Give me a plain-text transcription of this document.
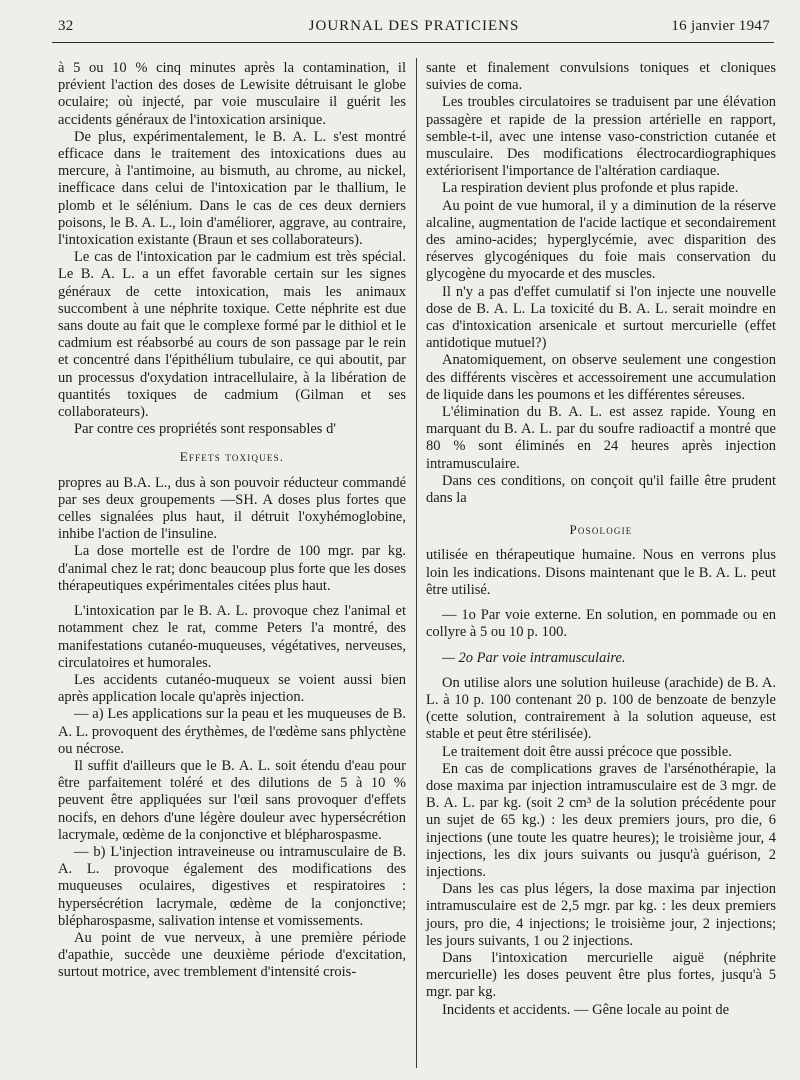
32	JOURNAL DES PRATICIENS	16 janvier 1947

à 5 ou 10 % cinq minutes après la contamination, il prévient l'action des doses de Lewisite détruisant le globe oculaire; où injecté, par voie musculaire il guérit les accidents généraux de l'intoxication arsinique.

De plus, expérimentalement, le B. A. L. s'est montré efficace dans le traitement des intoxications dues au mercure, à l'antimoine, au bismuth, au chrome, au nickel, inefficace dans celui de l'intoxication par le thallium, le plomb et le sélénium. Dans le cas de ces deux derniers poisons, le B. A. L., loin d'améliorer, aggrave, au contraire, l'intoxication existante (Braun et ses collaborateurs).

Le cas de l'intoxication par le cadmium est très spécial. Le B. A. L. a un effet favorable certain sur les signes généraux de cette intoxication, mais les animaux succombent à une néphrite toxique. Cette néphrite est due sans doute au fait que le complexe formé par le dithiol et le cadmium est réabsorbé au cours de son passage par le rein et concentré dans l'épithélium tubulaire, ce qui aboutit, par un processus d'oxydation intracellulaire, à la libération de quantités toxiques de cadmium (Gilman et ses collaborateurs).

Par contre ces propriétés sont responsables d'

Effets toxiques.

propres au B.A. L., dus à son pouvoir réducteur commandé par ses deux groupements —SH. A doses plus fortes que celles signalées plus haut, il détruit l'oxyhémoglobine, inhibe l'action de l'insuline.

La dose mortelle est de l'ordre de 100 mgr. par kg. d'animal chez le rat; donc beaucoup plus forte que les doses thérapeutiques expérimentales citées plus haut.

L'intoxication par le B. A. L. provoque chez l'animal et notamment chez le rat, comme Peters l'a montré, des manifestations cutanéo-muqueuses, végétatives, nerveuses, circulatoires et humorales.

Les accidents cutanéo-muqueux se voient aussi bien après application locale qu'après injection.

— a) Les applications sur la peau et les muqueuses de B. A. L. provoquent des érythèmes, de l'œdème sans phlyctène ou nécrose.

Il suffit d'ailleurs que le B. A. L. soit étendu d'eau pour être parfaitement toléré et des dilutions de 5 à 10 % peuvent être appliquées sur l'œil sans provoquer d'effets nocifs, en dehors d'une légère douleur avec hypersécrétion lacrymale, œdème de la conjonctive et blépharospasme.

— b) L'injection intraveineuse ou intramusculaire de B. A. L. provoque également des modifications des muqueuses oculaires, digestives et respiratoires : hypersécrétion lacrymale, œdème de la conjonctive; blépharospasme, salivation intense et vomissements.

Au point de vue nerveux, à une première période d'apathie, succède une deuxième période d'excitation, surtout motrice, avec tremblement d'intensité crois-

sante et finalement convulsions toniques et cloniques suivies de coma.

Les troubles circulatoires se traduisent par une élévation passagère et rapide de la pression artérielle en rapport, semble-t-il, avec une intense vaso-constriction cutanée et musculaire. Des modifications électrocardiographiques extériorisent l'importance de l'altération cardiaque.

La respiration devient plus profonde et plus rapide.

Au point de vue humoral, il y a diminution de la réserve alcaline, augmentation de l'acide lactique et secondairement des amino-acides; hyperglycémie, avec disparition des réserves glycogéniques du foie mais conservation du glycogène du myocarde et des muscles.

Il n'y a pas d'effet cumulatif si l'on injecte une nouvelle dose de B. A. L. La toxicité du B. A. L. serait moindre en cas d'intoxication arsenicale et surtout mercurielle (effet antidotique mutuel?)

Anatomiquement, on observe seulement une congestion des différents viscères et accessoirement une accumulation de liquide dans les poumons et les différentes séreuses.

L'élimination du B. A. L. est assez rapide. Young en marquant du B. A. L. par du soufre radioactif a montré que 80 % sont éliminés en 24 heures après injection intramusculaire.

Dans ces conditions, on conçoit qu'il faille être prudent dans la

Posologie

utilisée en thérapeutique humaine. Nous en verrons plus loin les indications. Disons maintenant que le B. A. L. peut être utilisé.

— 1o Par voie externe. En solution, en pommade ou en collyre à 5 ou 10 p. 100.

— 2o Par voie intramusculaire.

On utilise alors une solution huileuse (arachide) de B. A. L. à 10 p. 100 contenant 20 p. 100 de benzoate de benzyle (cette solution, contrairement à la solution aqueuse, est stable et peut être stérilisée).

Le traitement doit être aussi précoce que possible.

En cas de complications graves de l'arsénothérapie, la dose maxima par injection intramusculaire est de 3 mgr. de B. A. L. par kg. (soit 2 cm³ de la solution précédente pour un sujet de 65 kg.) : les deux premiers jours, pro die, 6 injections (une toute les quatre heures); le troisième jour, 4 injections, les dix jours suivants ou jusqu'à guérison, 2 injections.

Dans les cas plus légers, la dose maxima par injection intramusculaire est de 2,5 mgr. par kg. : les deux premiers jours, pro die, 4 injections; le troisième jour, 2 injections; les jours suivants, 1 ou 2 injections.

Dans l'intoxication mercurielle aiguë (néphrite mercurielle) les doses peuvent être plus fortes, jusqu'à 5 mgr. par kg.

Incidents et accidents. — Gêne locale au point de
